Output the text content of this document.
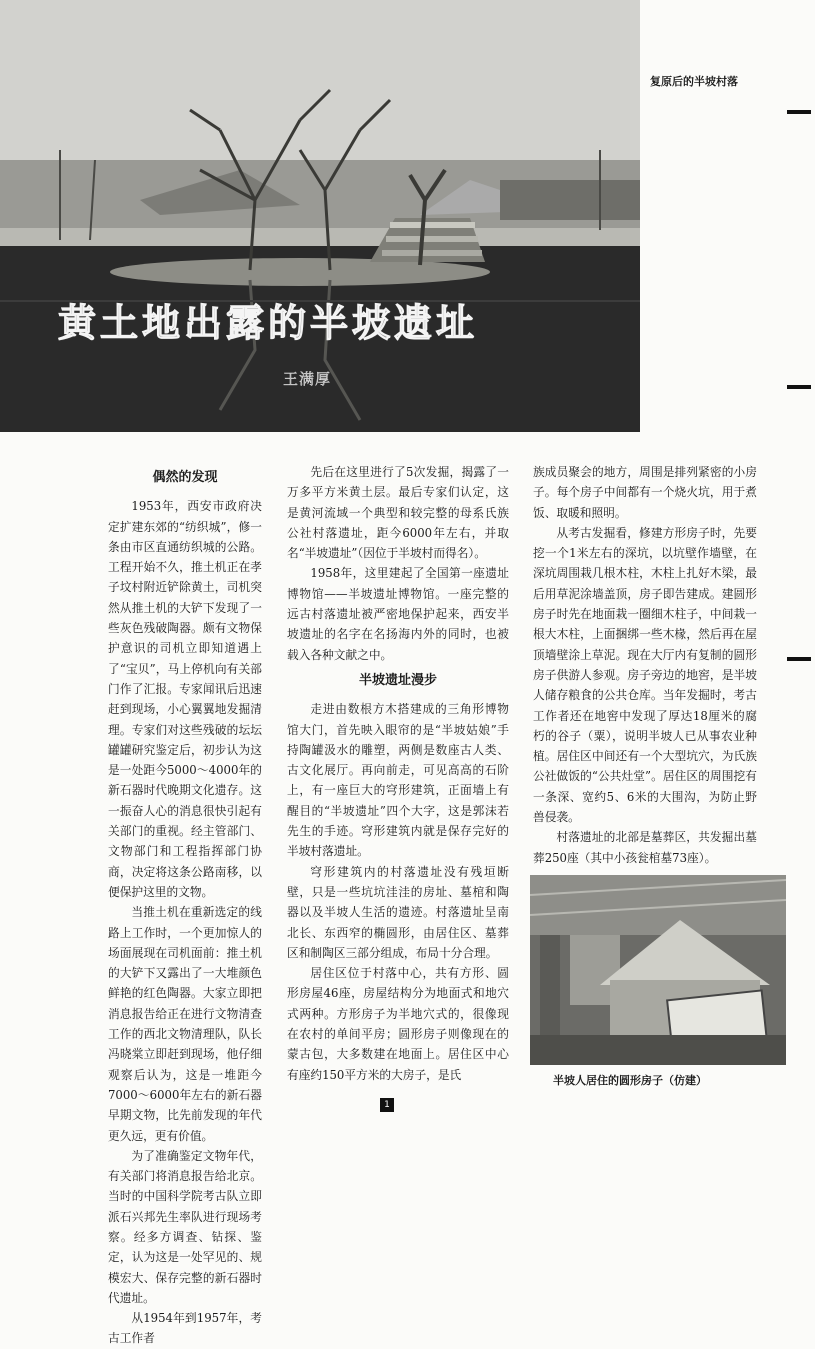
黄土地出露的半坡遗址
王满厚
复原后的半坡村落
偶然的发现

1953年，西安市政府决定扩建东郊的“纺织城”，修一条由市区直通纺织城的公路。工程开始不久，推土机正在孝子坟村附近铲除黄土，司机突然从推土机的大铲下发现了一些灰色残破陶器。颇有文物保护意识的司机立即知道遇上了“宝贝”，马上停机向有关部门作了汇报。专家闻讯后迅速赶到现场，小心翼翼地发掘清理。专家们对这些残破的坛坛罐罐研究鉴定后，初步认为这是一处距今5000～4000年的新石器时代晚期文化遗存。这一振奋人心的消息很快引起有关部门的重视。经主管部门、文物部门和工程指挥部门协商，决定将这条公路南移，以便保护这里的文物。

当推土机在重新选定的线路上工作时，一个更加惊人的场面展现在司机面前：推土机的大铲下又露出了一大堆颜色鲜艳的红色陶器。大家立即把消息报告给正在进行文物清查工作的西北文物清理队，队长冯晓棠立即赶到现场，他仔细观察后认为，这是一堆距今7000～6000年左右的新石器早期文物，比先前发现的年代更久远，更有价值。

为了准确鉴定文物年代，有关部门将消息报告给北京。当时的中国科学院考古队立即派石兴邦先生率队进行现场考察。经多方调查、钻探、鉴定，认为这是一处罕见的、规模宏大、保存完整的新石器时代遗址。

从1954年到1957年，考古工作者

先后在这里进行了5次发掘，揭露了一万多平方米黄土层。最后专家们认定，这是黄河流域一个典型和较完整的母系氏族公社村落遗址，距今6000年左右，并取名“半坡遗址”（因位于半坡村而得名）。

1958年，这里建起了全国第一座遗址博物馆——半坡遗址博物馆。一座完整的远古村落遗址被严密地保护起来，西安半坡遗址的名字在名扬海内外的同时，也被载入各种文献之中。

半坡遗址漫步

走进由数根方木搭建成的三角形博物馆大门，首先映入眼帘的是“半坡姑娘”手持陶罐汲水的雕塑，两侧是数座古人类、古文化展厅。再向前走，可见高高的石阶上，有一座巨大的穹形建筑，正面墙上有醒目的“半坡遗址”四个大字，这是郭沫若先生的手迹。穹形建筑内就是保存完好的半坡村落遗址。

穹形建筑内的村落遗址没有残垣断壁，只是一些坑坑洼洼的房址、墓棺和陶器以及半坡人生活的遗迹。村落遗址呈南北长、东西窄的椭圆形，由居住区、墓葬区和制陶区三部分组成，布局十分合理。

居住区位于村落中心，共有方形、圆形房屋46座，房屋结构分为地面式和地穴式两种。方形房子为半地穴式的，很像现在农村的单间平房；圆形房子则像现在的蒙古包，大多数建在地面上。居住区中心有座约150平方米的大房子，是氏

族成员聚会的地方，周围是排列紧密的小房子。每个房子中间都有一个烧火坑，用于煮饭、取暖和照明。

从考古发掘看，修建方形房子时，先要挖一个1米左右的深坑，以坑壁作墙壁，在深坑周围栽几根木柱，木柱上扎好木梁，最后用草泥涂墙盖顶，房子即告建成。建圆形房子时先在地面栽一圈细木柱子，中间栽一根大木柱，上面捆绑一些木椽，然后再在屋顶墙壁涂上草泥。现在大厅内有复制的圆形房子供游人参观。房子旁边的地窖，是半坡人储存粮食的公共仓库。当年发掘时，考古工作者还在地窖中发现了厚达18厘米的腐朽的谷子（粟），说明半坡人已从事农业种植。居住区中间还有一个大型坑穴，为氏族公社做饭的“公共灶堂”。居住区的周围挖有一条深、宽约5、6米的大围沟，为防止野兽侵袭。

村落遗址的北部是墓葬区，共发掘出墓葬250座（其中小孩瓮棺墓73座）。

半坡人居住的圆形房子（仿建）
1
